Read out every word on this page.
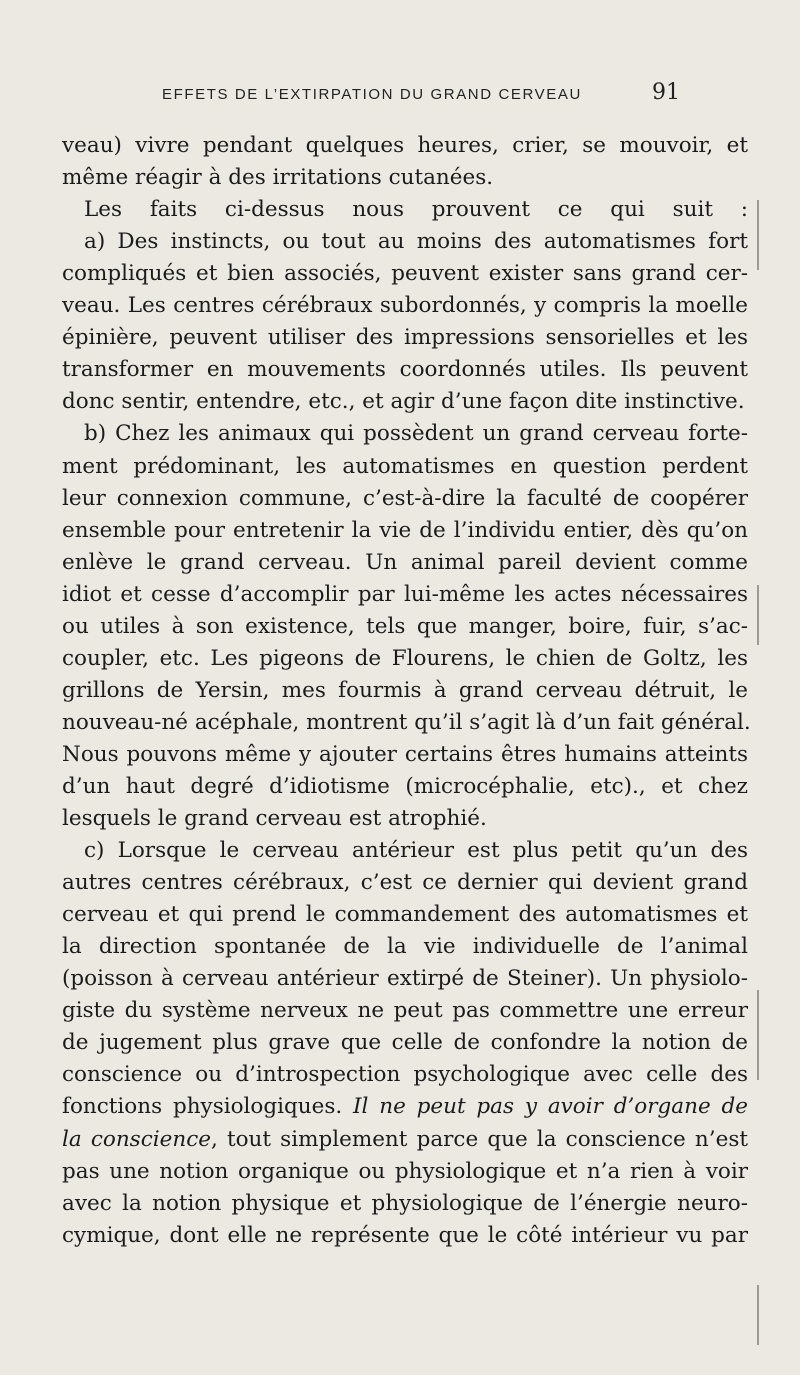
EFFETS DE L’EXTIRPATION DU GRAND CERVEAU	91
veau) vivre pendant quelques heures, crier, se mouvoir, et
même réagir à des irritations cutanées.
Les faits ci-dessus nous prouvent ce qui suit :
a) Des instincts, ou tout au moins des automatismes fort
compliqués et bien associés, peuvent exister sans grand cer-
veau. Les centres cérébraux subordonnés, y compris la moelle
épinière, peuvent utiliser des impressions sensorielles et les
transformer en mouvements coordonnés utiles. Ils peuvent
donc sentir, entendre, etc., et agir d’une façon dite instinctive.
b) Chez les animaux qui possèdent un grand cerveau forte-
ment prédominant, les automatismes en question perdent
leur connexion commune, c’est-à-dire la faculté de coopérer
ensemble pour entretenir la vie de l’individu entier, dès qu’on
enlève le grand cerveau. Un animal pareil devient comme
idiot et cesse d’accomplir par lui-même les actes nécessaires
ou utiles à son existence, tels que manger, boire, fuir, s’ac-
coupler, etc. Les pigeons de Flourens, le chien de Goltz, les
grillons de Yersin, mes fourmis à grand cerveau détruit, le
nouveau-né acéphale, montrent qu’il s’agit là d’un fait général.
Nous pouvons même y ajouter certains êtres humains atteints
d’un haut degré d’idiotisme (microcéphalie, etc)., et chez
lesquels le grand cerveau est atrophié.
c) Lorsque le cerveau antérieur est plus petit qu’un des
autres centres cérébraux, c’est ce dernier qui devient grand
cerveau et qui prend le commandement des automatismes et
la direction spontanée de la vie individuelle de l’animal
(poisson à cerveau antérieur extirpé de Steiner). Un physiolo-
giste du système nerveux ne peut pas commettre une erreur
de jugement plus grave que celle de confondre la notion de
conscience ou d’introspection psychologique avec celle des
fonctions physiologiques. Il ne peut pas y avoir d’organe de
la conscience, tout simplement parce que la conscience n’est
pas une notion organique ou physiologique et n’a rien à voir
avec la notion physique et physiologique de l’énergie neuro-
cymique, dont elle ne représente que le côté intérieur vu par
